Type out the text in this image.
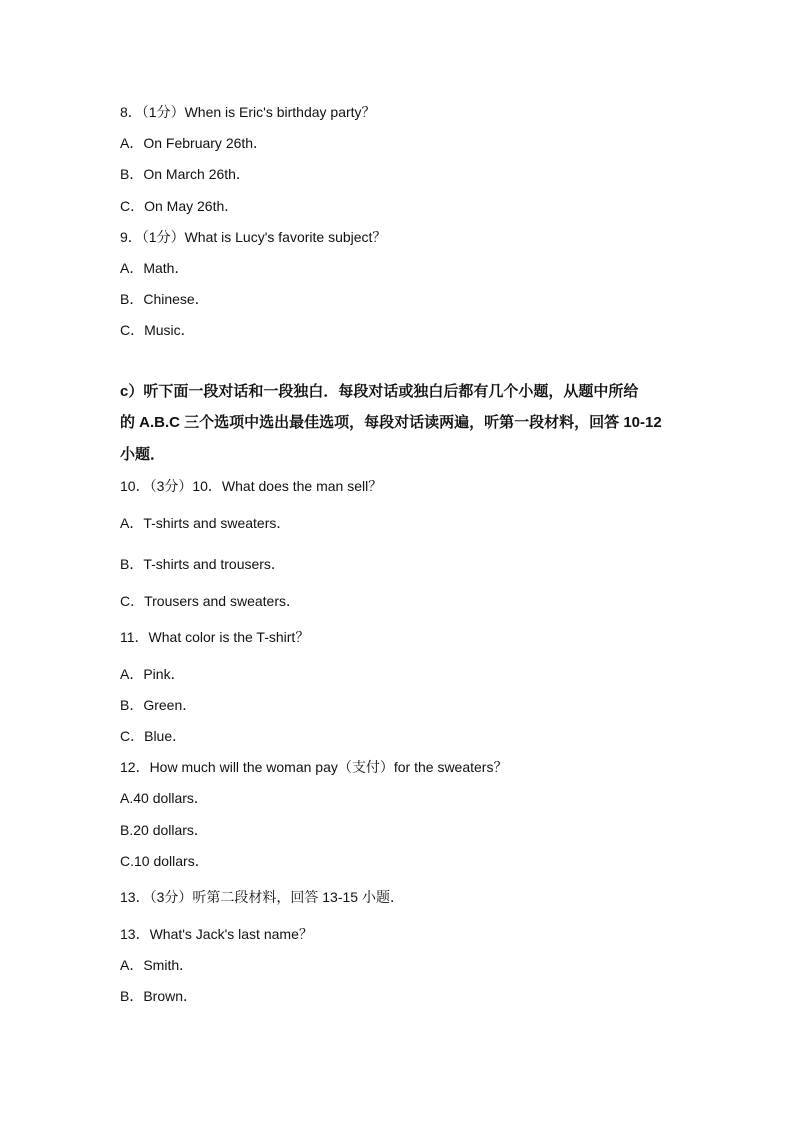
8．（1分）When is Eric's birthday party？
A．On February 26th．
B．On March 26th．
C．On May 26th．
9．（1分）What is Lucy's favorite subject？
A．Math．
B．Chinese．
C．Music．
c）听下面一段对话和一段独白．每段对话或独白后都有几个小题，从题中所给
的 A.B.C 三个选项中选出最佳选项，每段对话读两遍，听第一段材料，回答 10-12
小题．
10．（3分）10．What does the man sell？
A．T-shirts and sweaters．
B．T-shirts and trousers．
C．Trousers and sweaters．
11．What color is the T-shirt？
A．Pink．
B．Green．
C．Blue．
12．How much will the woman pay（支付）for the sweaters？
A.40 dollars．
B.20 dollars．
C.10 dollars．
13．（3分）听第二段材料，回答 13-15 小题．
13．What's Jack's last name？
A．Smith．
B．Brown．
